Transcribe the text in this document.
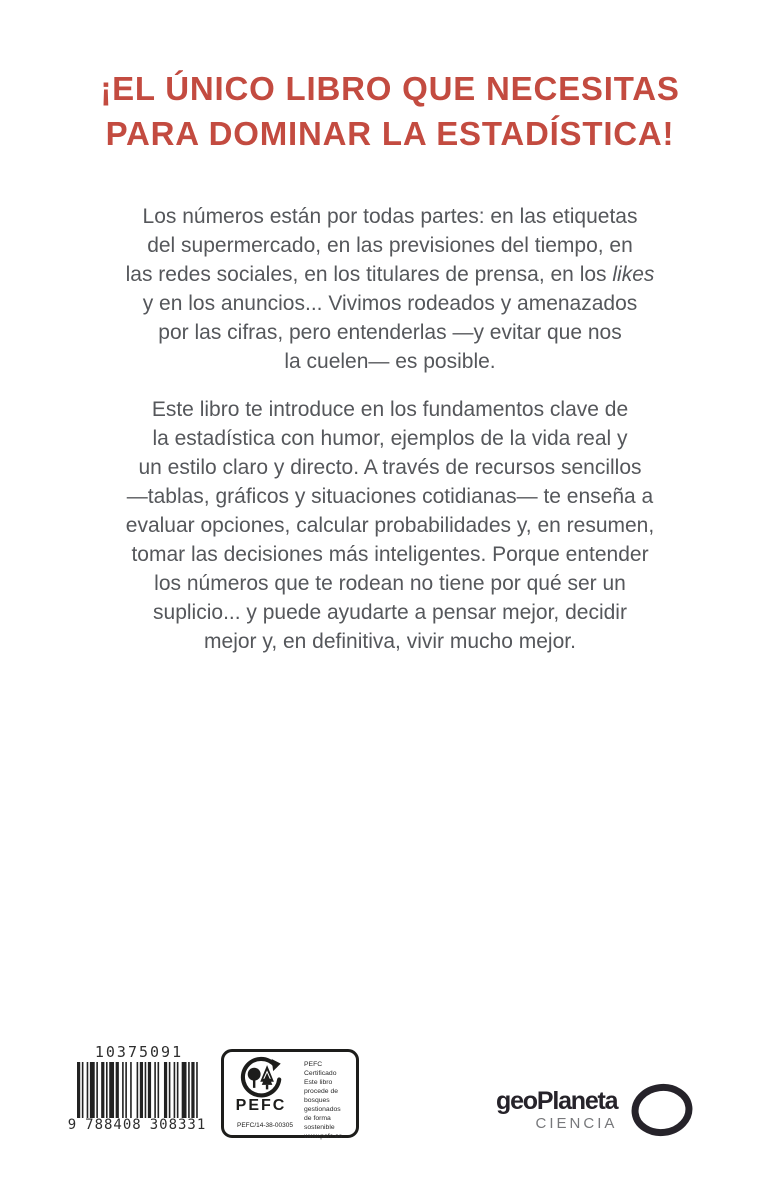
¡EL ÚNICO LIBRO QUE NECESITAS
PARA DOMINAR LA ESTADÍSTICA!
Los números están por todas partes: en las etiquetas
del supermercado, en las previsiones del tiempo, en
las redes sociales, en los titulares de prensa, en los likes
y en los anuncios... Vivimos rodeados y amenazados
por las cifras, pero entenderlas —y evitar que nos
la cuelen— es posible.
Este libro te introduce en los fundamentos clave de
la estadística con humor, ejemplos de la vida real y
un estilo claro y directo. A través de recursos sencillos
—tablas, gráficos y situaciones cotidianas— te enseña a
evaluar opciones, calcular probabilidades y, en resumen,
tomar las decisiones más inteligentes. Porque entender
los números que te rodean no tiene por qué ser un
suplicio... y puede ayudarte a pensar mejor, decidir
mejor y, en definitiva, vivir mucho mejor.
10375091
9 788408 308331
PEFC
PEFC/14-38-00305
PEFC Certificado
Este libro procede de bosques gestionados de forma sostenible
www.pefc.es
geoPlaneta
CIENCIA
